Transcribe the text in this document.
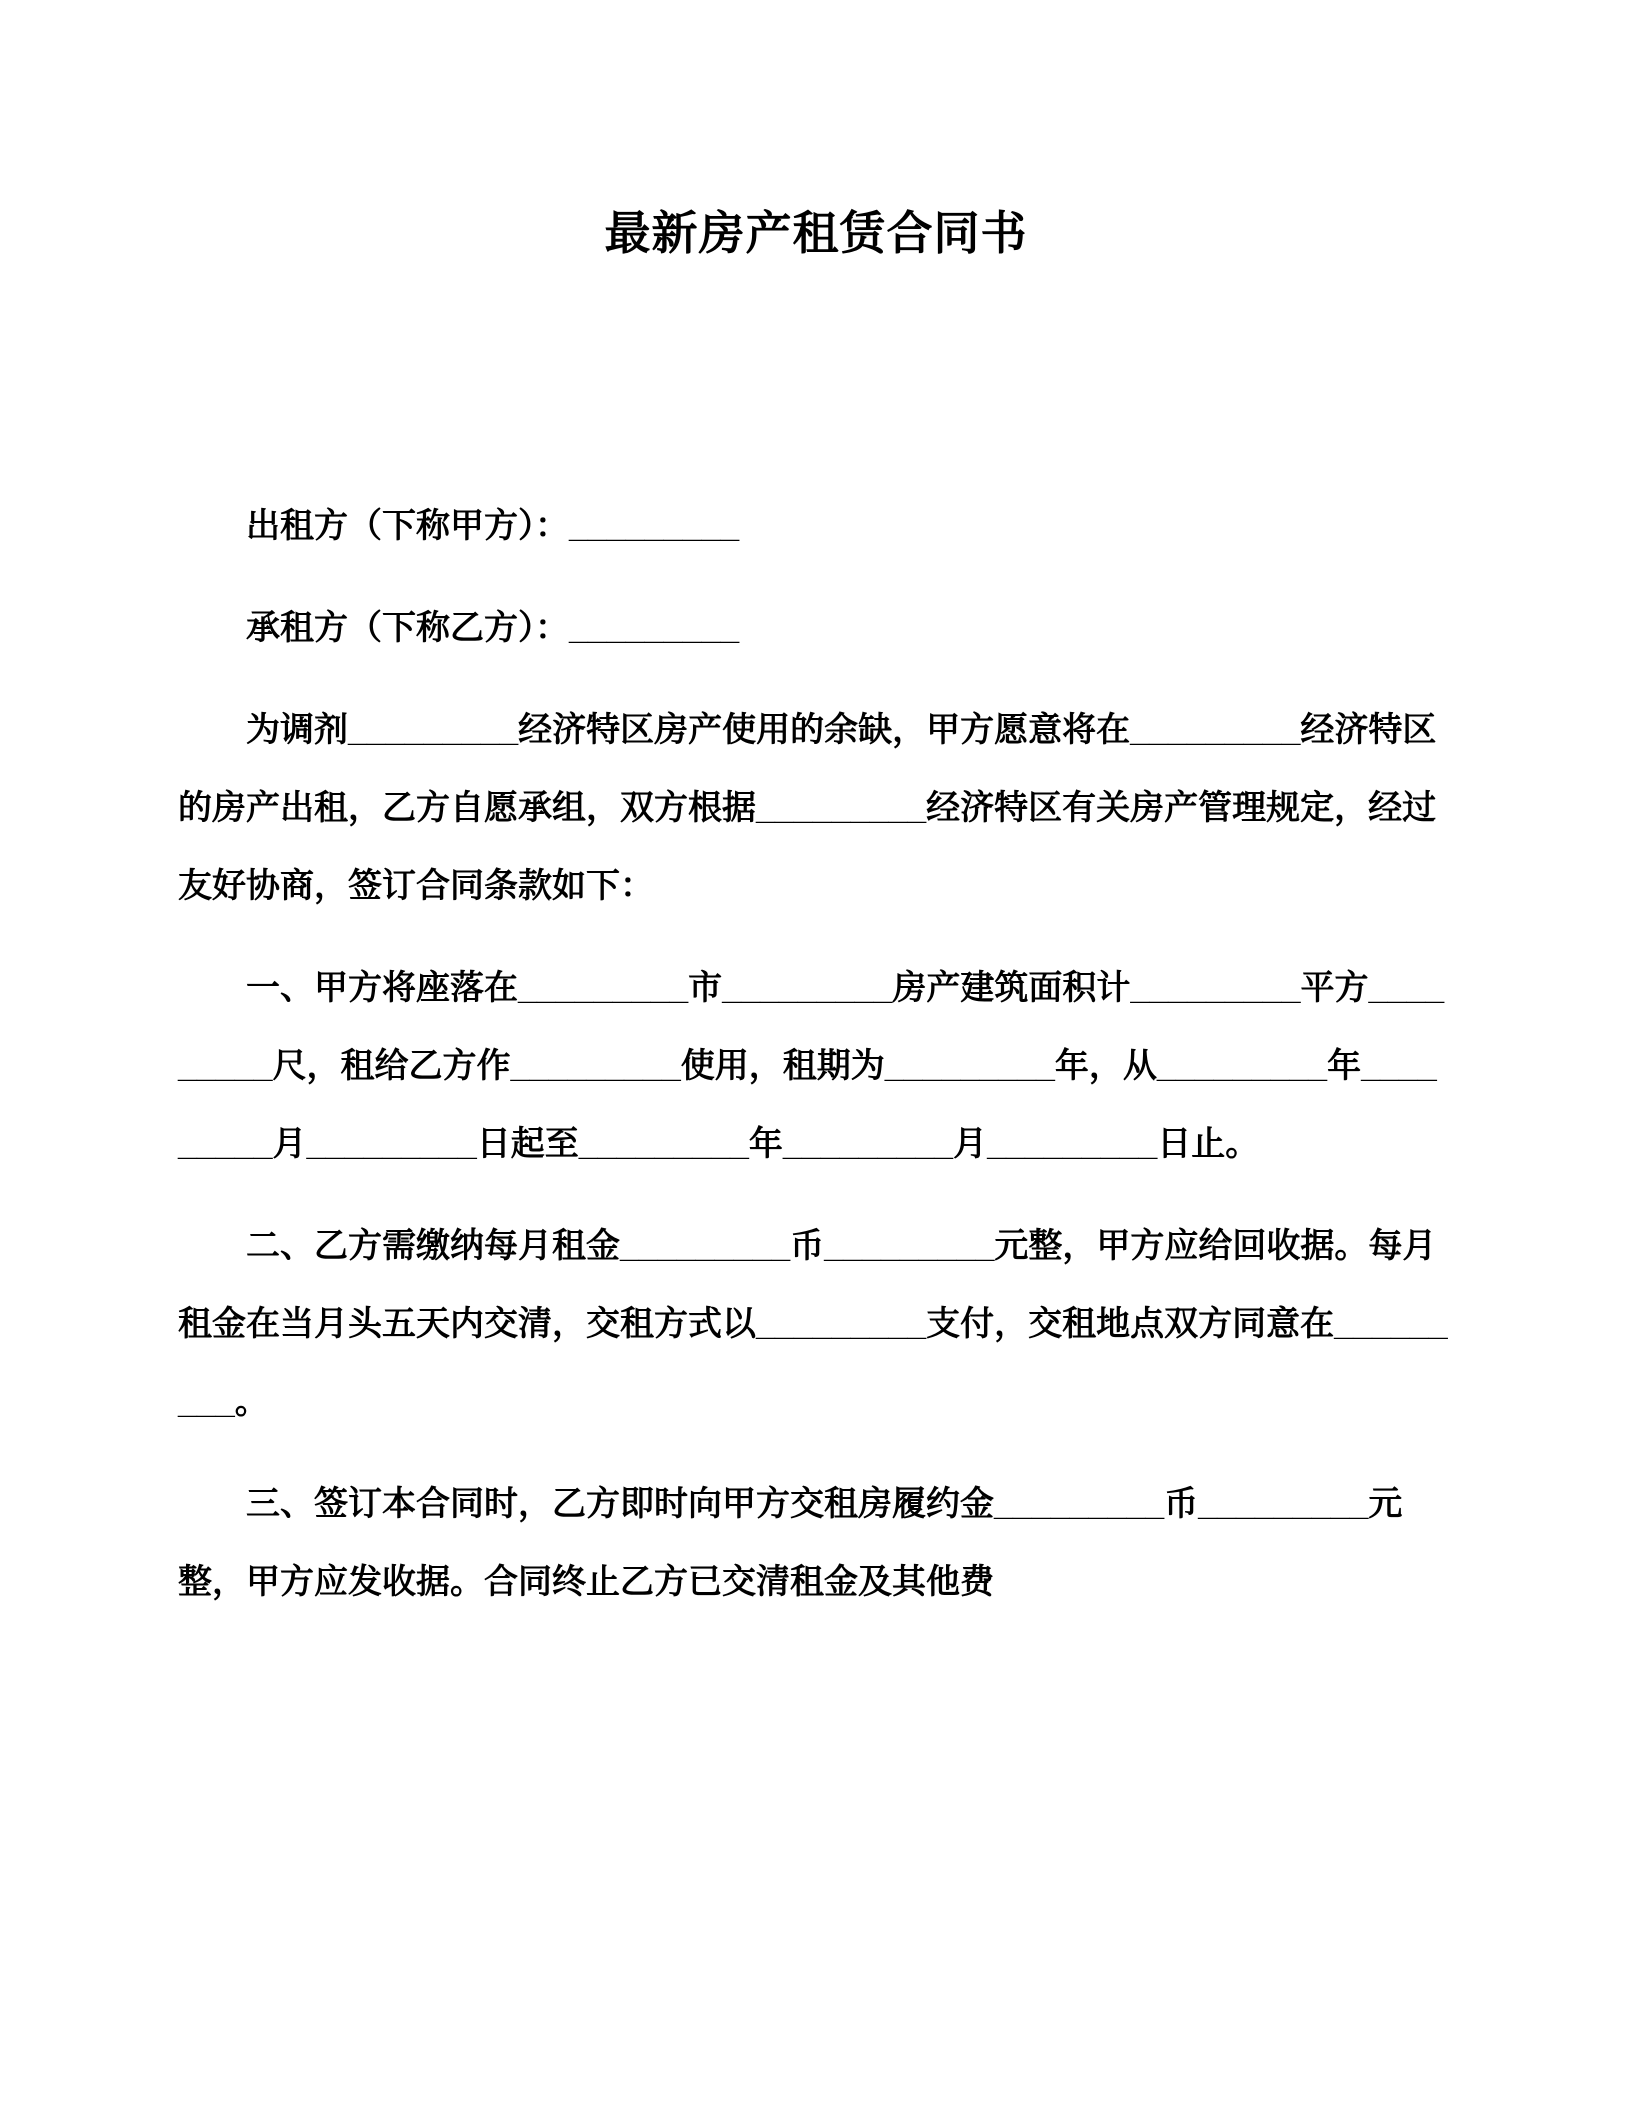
最新房产租赁合同书

出租方（下称甲方）：_________

承租方（下称乙方）：_________

为调剂_________经济特区房产使用的余缺，甲方愿意将在_________经济特区的房产出租，乙方自愿承组，双方根据_________经济特区有关房产管理规定，经过友好协商，签订合同条款如下：

一、甲方将座落在_________市_________房产建筑面积计_________平方_________尺，租给乙方作_________使用，租期为_________年，从_________年_________月_________日起至_________年_________月_________日止。

二、乙方需缴纳每月租金_________币_________元整，甲方应给回收据。每月租金在当月头五天内交清，交租方式以_________支付，交租地点双方同意在_________。

三、签订本合同时，乙方即时向甲方交租房履约金_________币_________元整，甲方应发收据。合同终止乙方已交清租金及其他费
